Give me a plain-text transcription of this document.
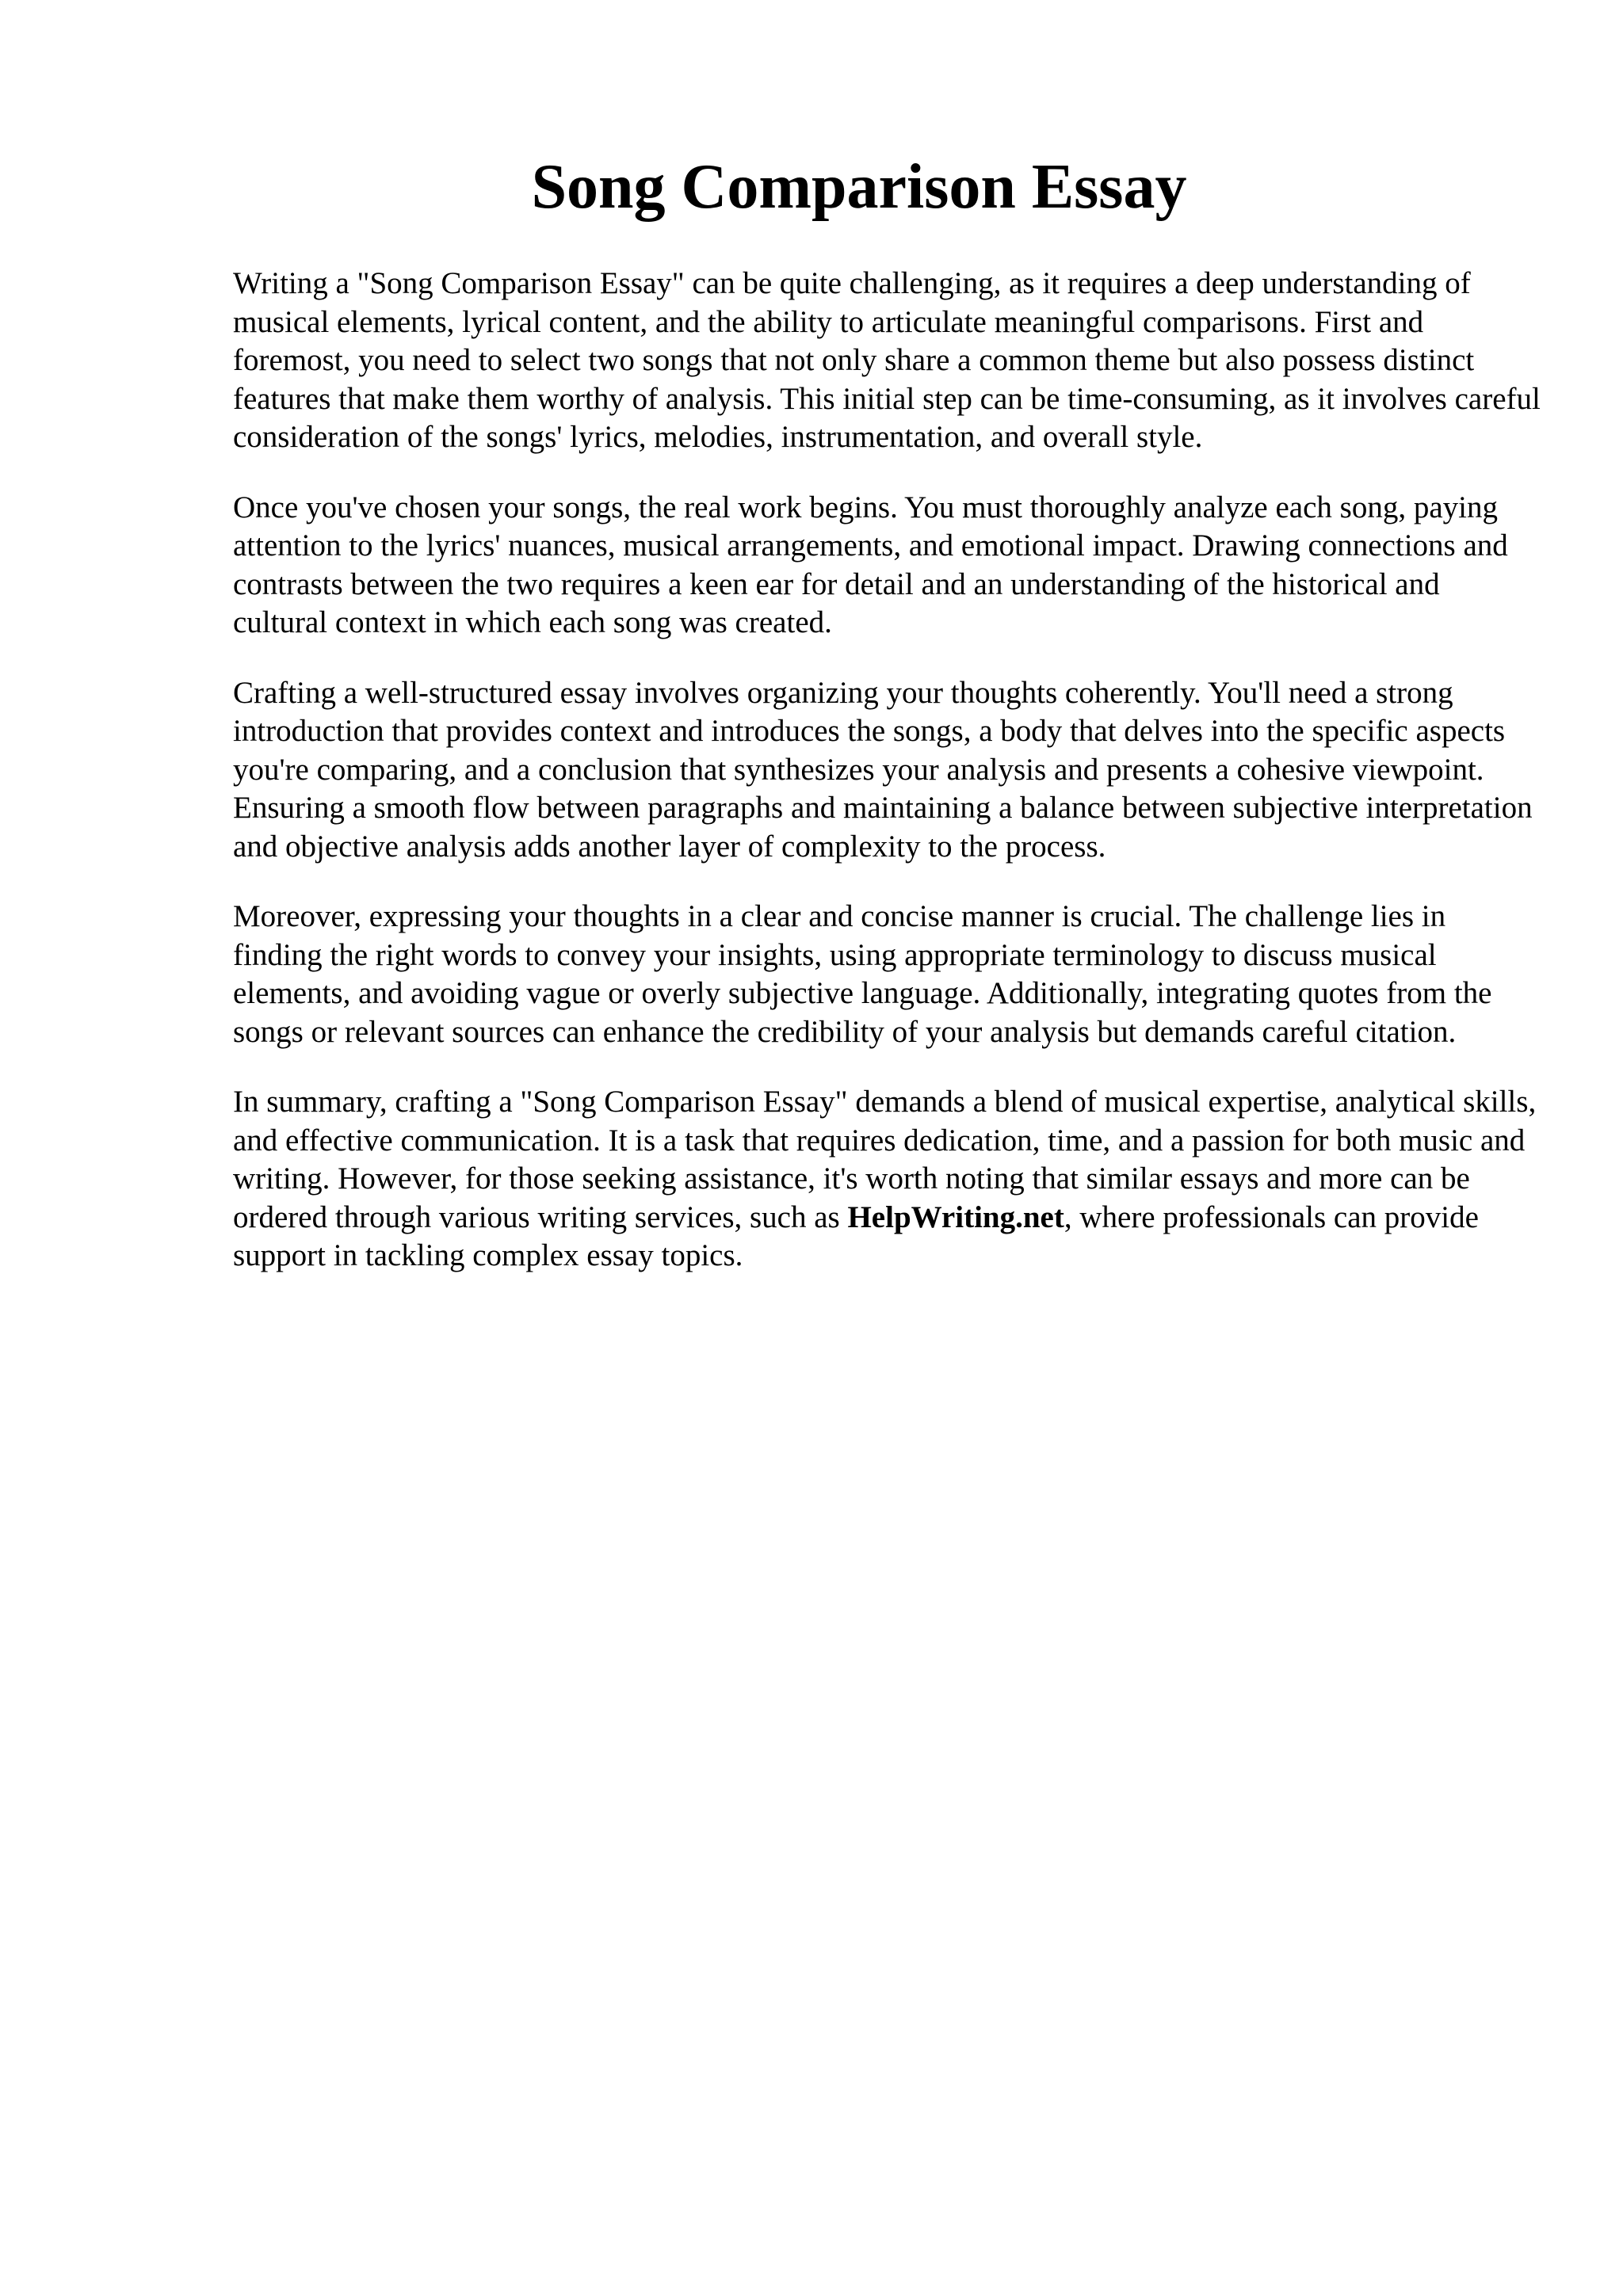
Song Comparison Essay

Writing a "Song Comparison Essay" can be quite challenging, as it requires a deep understanding of musical elements, lyrical content, and the ability to articulate meaningful comparisons. First and foremost, you need to select two songs that not only share a common theme but also possess distinct features that make them worthy of analysis. This initial step can be time-consuming, as it involves careful consideration of the songs' lyrics, melodies, instrumentation, and overall style.

Once you've chosen your songs, the real work begins. You must thoroughly analyze each song, paying attention to the lyrics' nuances, musical arrangements, and emotional impact. Drawing connections and contrasts between the two requires a keen ear for detail and an understanding of the historical and cultural context in which each song was created.

Crafting a well-structured essay involves organizing your thoughts coherently. You'll need a strong introduction that provides context and introduces the songs, a body that delves into the specific aspects you're comparing, and a conclusion that synthesizes your analysis and presents a cohesive viewpoint. Ensuring a smooth flow between paragraphs and maintaining a balance between subjective interpretation and objective analysis adds another layer of complexity to the process.

Moreover, expressing your thoughts in a clear and concise manner is crucial. The challenge lies in finding the right words to convey your insights, using appropriate terminology to discuss musical elements, and avoiding vague or overly subjective language. Additionally, integrating quotes from the songs or relevant sources can enhance the credibility of your analysis but demands careful citation.

In summary, crafting a "Song Comparison Essay" demands a blend of musical expertise, analytical skills, and effective communication. It is a task that requires dedication, time, and a passion for both music and writing. However, for those seeking assistance, it's worth noting that similar essays and more can be ordered through various writing services, such as HelpWriting.net, where professionals can provide support in tackling complex essay topics.
